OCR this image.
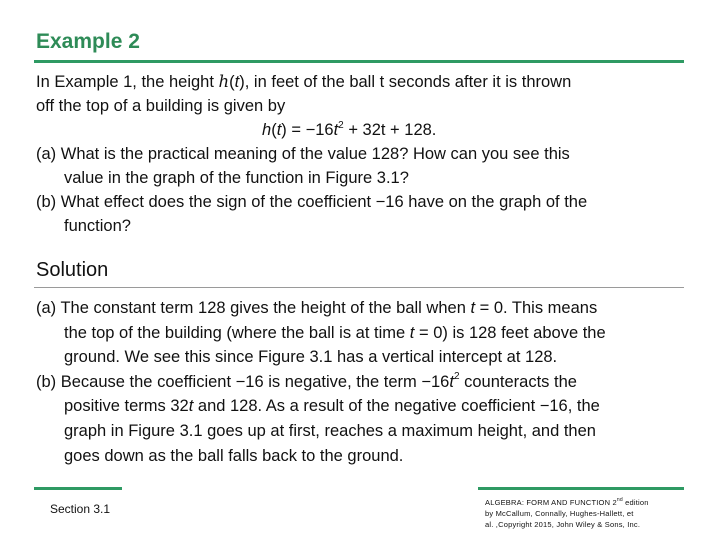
Example 2
In Example 1, the height h(t), in feet of the ball t seconds after it is thrown
off the top of a building is given by
$h(t) = -16t^2 + 32t + 128$.
(a) What is the practical meaning of the value 128? How can you see this
value in the graph of the function in Figure 3.1?
(b) What effect does the sign of the coefficient −16 have on the graph of the
function?
Solution
(a) The constant term 128 gives the height of the ball when t = 0. This means
the top of the building (where the ball is at time t = 0) is 128 feet above the
ground. We see this since Figure 3.1 has a vertical intercept at 128.
(b) Because the coefficient −16 is negative, the term $-16t^2$ counteracts the
positive terms 32t and 128. As a result of the negative coefficient −16, the
graph in Figure 3.1 goes up at first, reaches a maximum height, and then
goes down as the ball falls back to the ground.
Section 3.1	ALGEBRA: FORM AND FUNCTION 2nd edition
by McCallum, Connally, Hughes-Hallett, et
al. ,Copyright 2015, John Wiley & Sons, Inc.
